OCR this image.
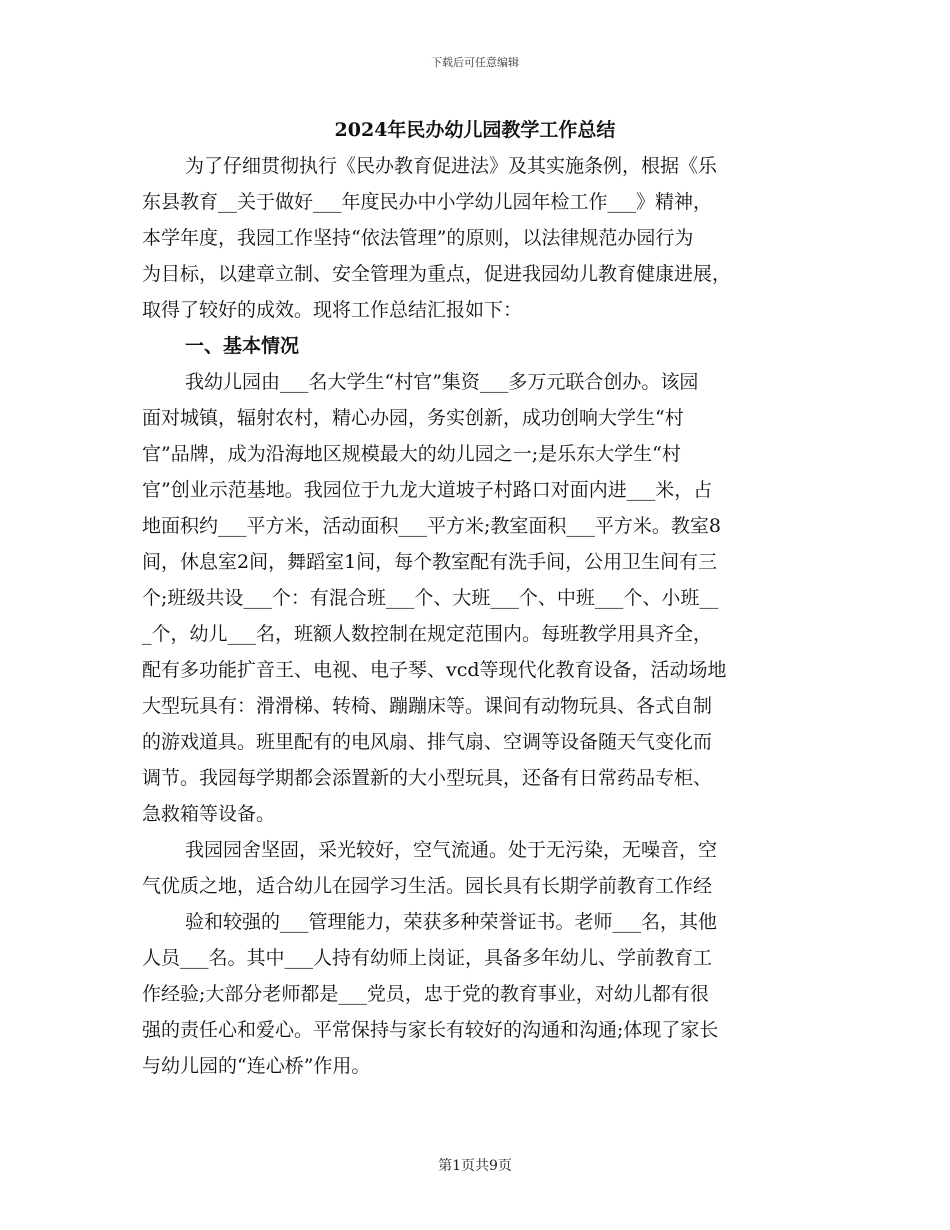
下载后可任意编辑
2024年民办幼儿园教学工作总结
为了仔细贯彻执行《民办教育促进法》及其实施条例，根据《乐
东县教育__关于做好___年度民办中小学幼儿园年检工作___》精神，
本学年度，我园工作坚持“依法管理”的原则，以法律规范办园行为
为目标，以建章立制、安全管理为重点，促进我园幼儿教育健康进展，
取得了较好的成效。现将工作总结汇报如下：
一、基本情况
我幼儿园由___名大学生“村官”集资___多万元联合创办。该园
面对城镇，辐射农村，精心办园，务实创新，成功创响大学生“村
官”品牌，成为沿海地区规模最大的幼儿园之一;是乐东大学生“村
官”创业示范基地。我园位于九龙大道坡子村路口对面内进___米，占
地面积约___平方米，活动面积___平方米;教室面积___平方米。教室8
间，休息室2间，舞蹈室1间，每个教室配有洗手间，公用卫生间有三
个;班级共设___个：有混合班___个、大班___个、中班___个、小班__
_个，幼儿___名，班额人数控制在规定范围内。每班教学用具齐全，
配有多功能扩音王、电视、电子琴、vcd等现代化教育设备，活动场地
大型玩具有：滑滑梯、转椅、蹦蹦床等。课间有动物玩具、各式自制
的游戏道具。班里配有的电风扇、排气扇、空调等设备随天气变化而
调节。我园每学期都会添置新的大小型玩具，还备有日常药品专柜、
急救箱等设备。
我园园舍坚固，采光较好，空气流通。处于无污染，无噪音，空
气优质之地，适合幼儿在园学习生活。园长具有长期学前教育工作经
验和较强的___管理能力，荣获多种荣誉证书。老师___名，其他
人员___名。其中___人持有幼师上岗证，具备多年幼儿、学前教育工
作经验;大部分老师都是___党员，忠于党的教育事业，对幼儿都有很
强的责任心和爱心。平常保持与家长有较好的沟通和沟通;体现了家长
与幼儿园的“连心桥”作用。
第1页共9页
